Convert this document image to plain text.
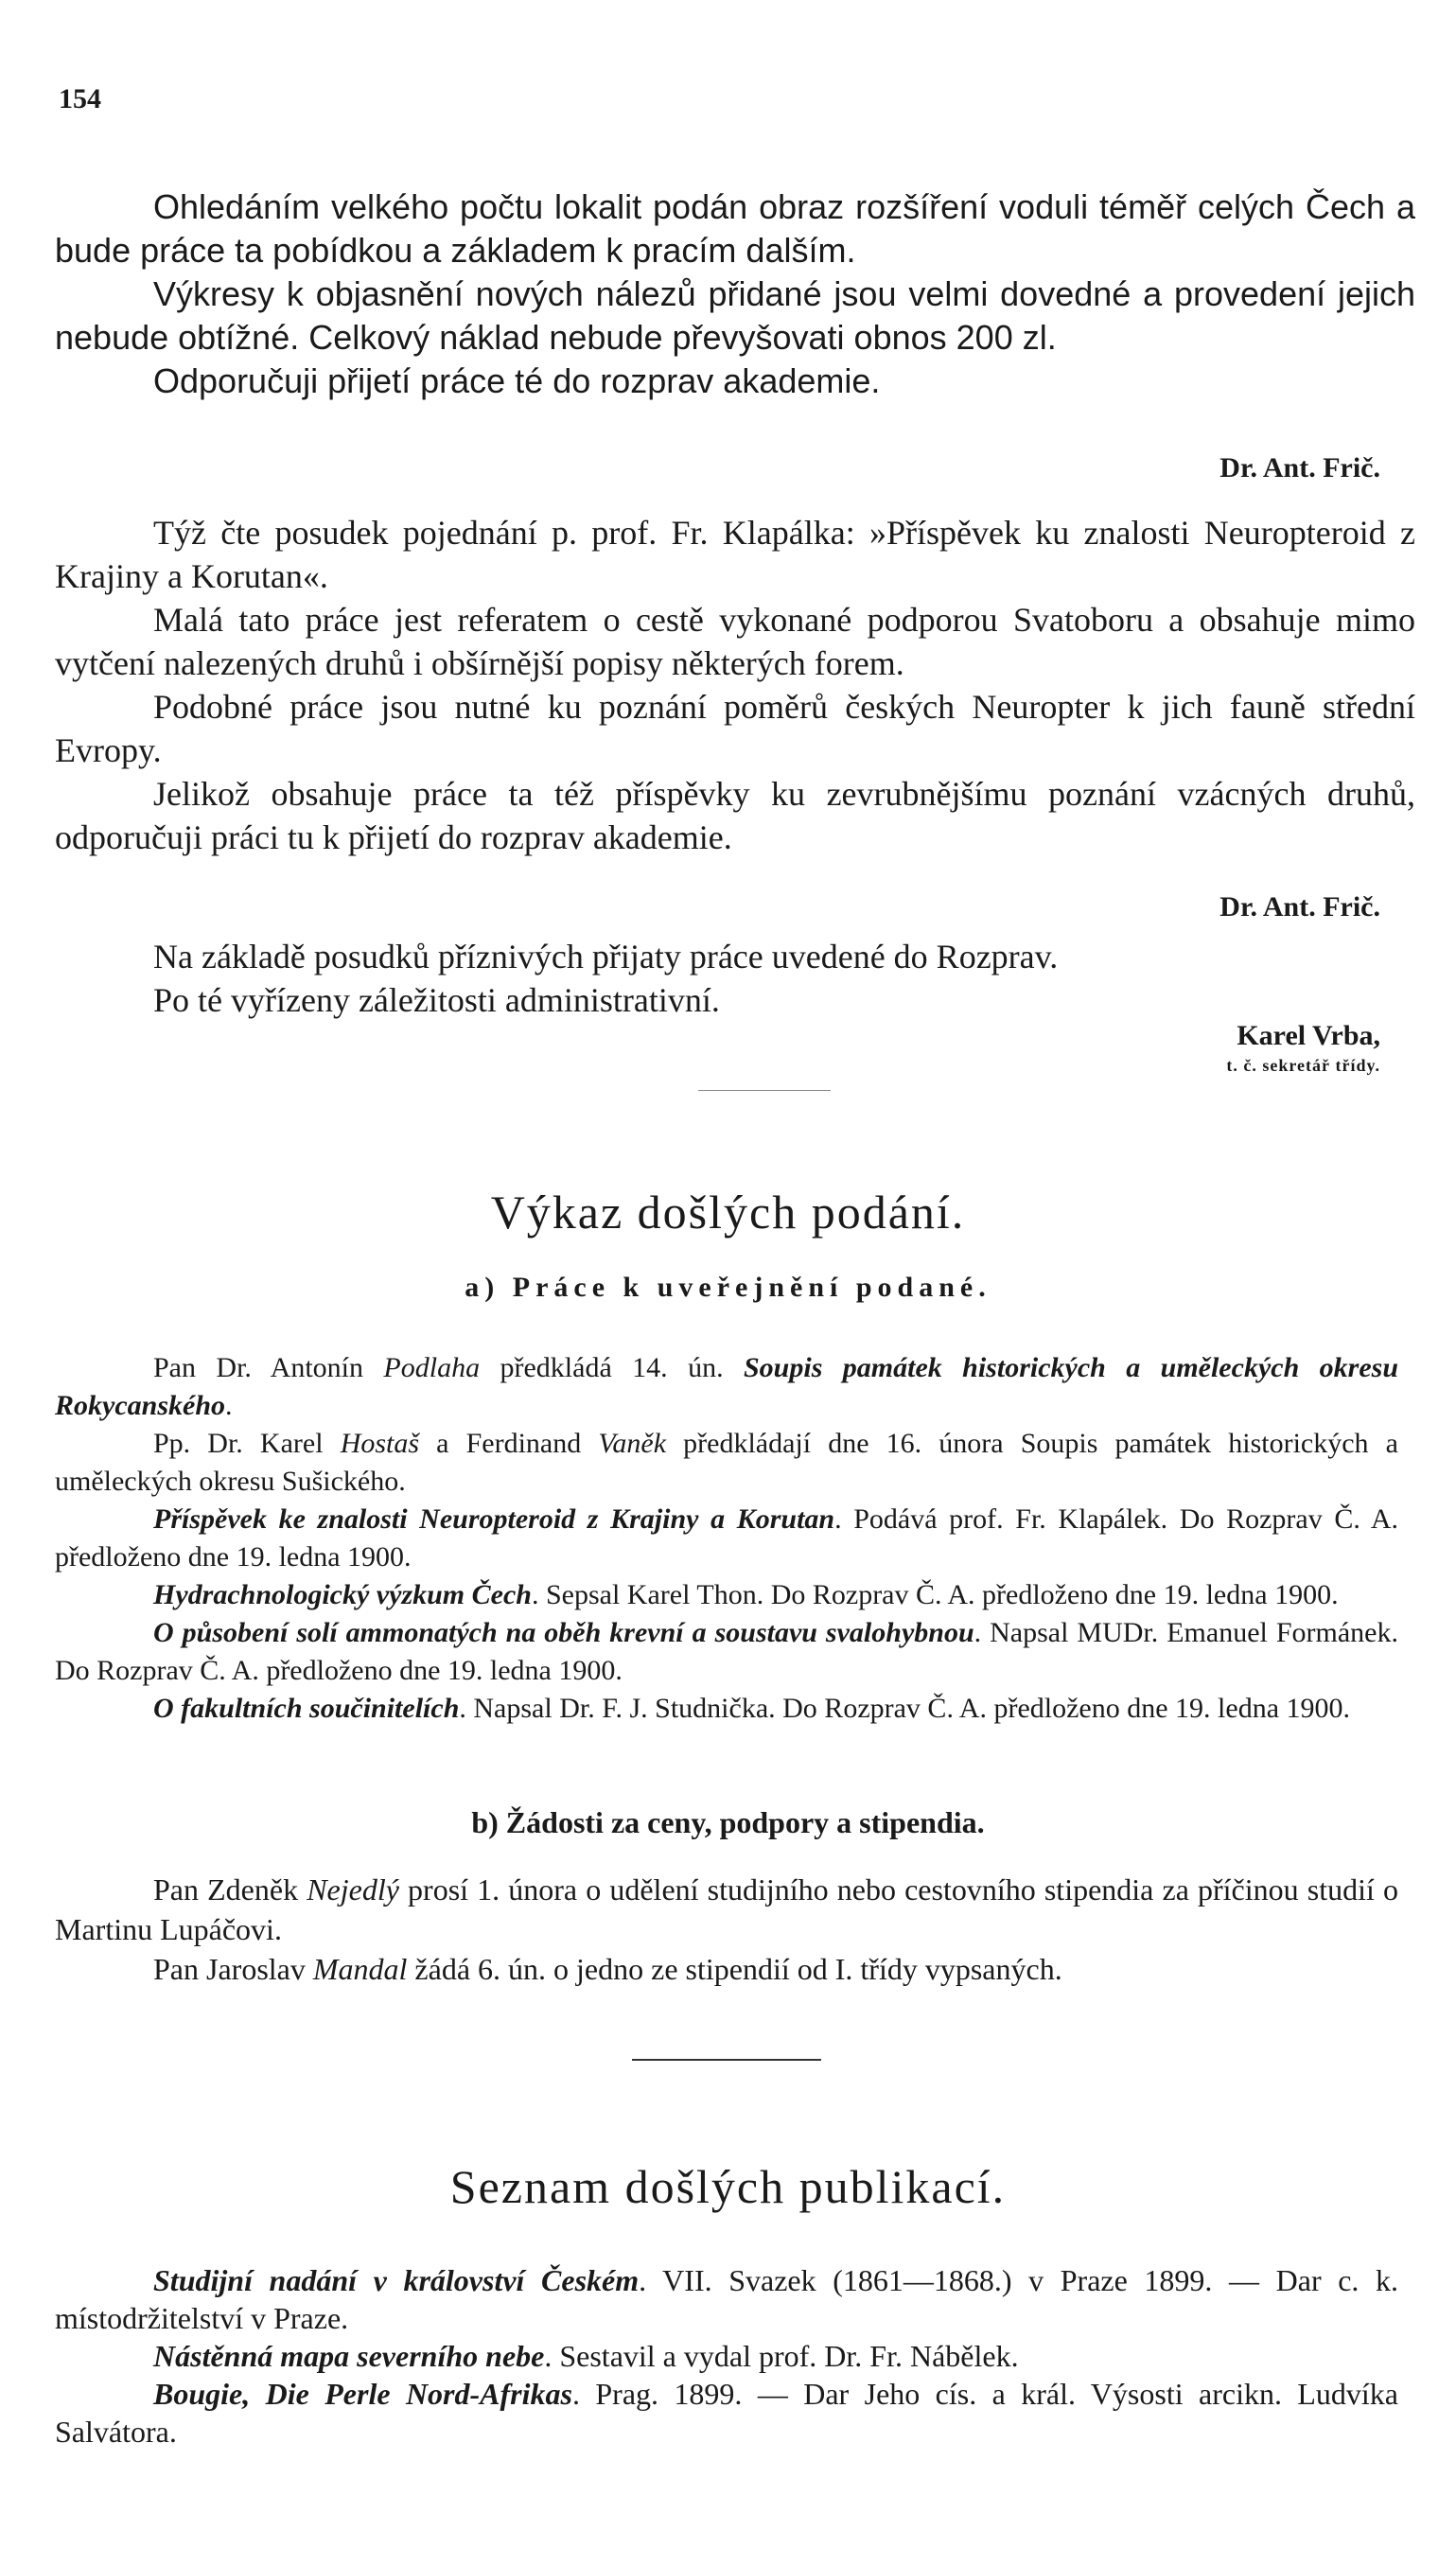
154

Ohledáním velkého počtu lokalit podán obraz rozšíření voduli téměř celých Čech a bude práce ta pobídkou a základem k pracím dalším.

Výkresy k objasnění nových nálezů přidané jsou velmi dovedné a provedení jejich nebude obtížné. Celkový náklad nebude převyšovati obnos 200 zl.

Odporučuji přijetí práce té do rozprav akademie.

Dr. Ant. Frič.

Týž čte posudek pojednání p. prof. Fr. Klapálka: »Příspěvek ku znalosti Neuropteroid z Krajiny a Korutan«.

Malá tato práce jest referatem o cestě vykonané podporou Svatoboru a obsahuje mimo vytčení nalezených druhů i obšírnější popisy některých forem.

Podobné práce jsou nutné ku poznání poměrů českých Neuropter k jich fauně střední Evropy.

Jelikož obsahuje práce ta též příspěvky ku zevrubnějšímu poznání vzácných druhů, odporučuji práci tu k přijetí do rozprav akademie.

Dr. Ant. Frič.

Na základě posudků příznivých přijaty práce uvedené do Rozprav.

Po té vyřízeny záležitosti administrativní.

Karel Vrba,
t. č. sekretář třídy.
Výkaz došlých podání.
a) Práce k uveřejnění podané.

Pan Dr. Antonín Podlaha předkládá 14. ún. Soupis památek historických a uměleckých okresu Rokycanského.

Pp. Dr. Karel Hostaš a Ferdinand Vaněk předkládají dne 16. února Soupis památek historických a uměleckých okresu Sušického.

Příspěvek ke znalosti Neuropteroid z Krajiny a Korutan. Podává prof. Fr. Klapálek. Do Rozprav Č. A. předloženo dne 19. ledna 1900.

Hydrachnologický výzkum Čech. Sepsal Karel Thon. Do Rozprav Č. A. předloženo dne 19. ledna 1900.

O působení solí ammonatých na oběh krevní a soustavu svalohybnou. Napsal MUDr. Emanuel Formánek. Do Rozprav Č. A. předloženo dne 19. ledna 1900.

O fakultních součinitelích. Napsal Dr. F. J. Studnička. Do Rozprav Č. A. předloženo dne 19. ledna 1900.

b) Žádosti za ceny, podpory a stipendia.

Pan Zdeněk Nejedlý prosí 1. února o udělení studijního nebo cestovního stipendia za příčinou studií o Martinu Lupáčovi.

Pan Jaroslav Mandal žádá 6. ún. o jedno ze stipendií od I. třídy vypsaných.

Seznam došlých publikací.

Studijní nadání v království Českém. VII. Svazek (1861—1868.) v Praze 1899. — Dar c. k. místodržitelství v Praze.

Nástěnná mapa severního nebe. Sestavil a vydal prof. Dr. Fr. Nábělek.

Bougie, Die Perle Nord-Afrikas. Prag. 1899. — Dar Jeho cís. a král. Výsosti arcikn. Ludvíka Salvátora.
